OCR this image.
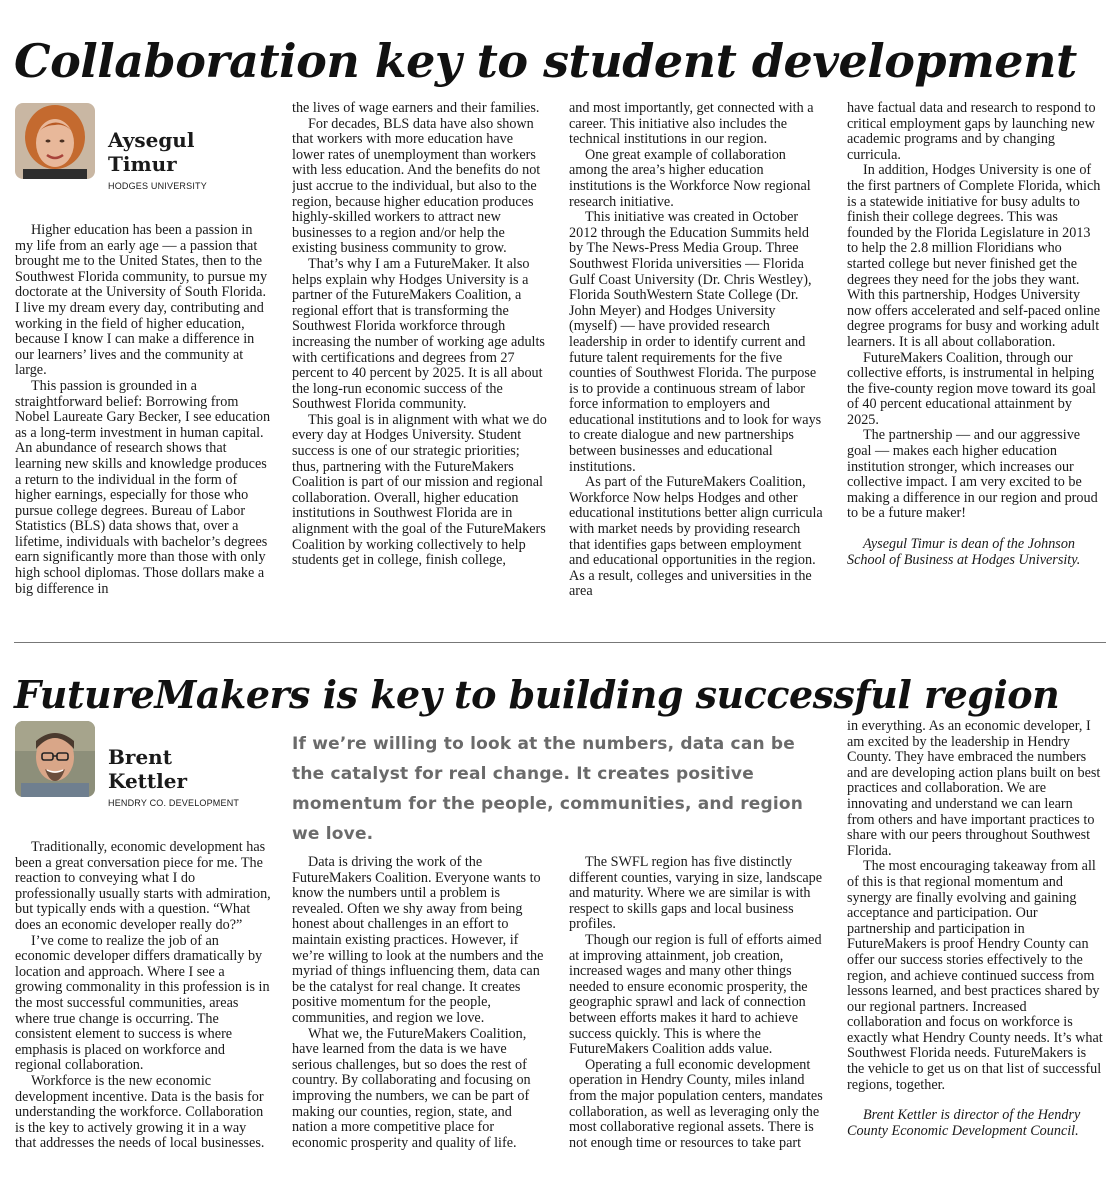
Collaboration key to student development
Aysegul
Timur
HODGES UNIVERSITY

Higher education has been a passion in my life from an early age — a passion that brought me to the United States, then to the Southwest Florida community, to pursue my doctorate at the University of South Florida. I live my dream every day, contributing and working in the field of higher education, because I know I can make a difference in our learners’ lives and the community at large.

This passion is grounded in a straightforward belief: Borrowing from Nobel Laureate Gary Becker, I see education as a long-term investment in human capital. An abundance of research shows that learning new skills and knowledge produces a return to the individual in the form of higher earnings, especially for those who pursue college degrees. Bureau of Labor Statistics (BLS) data shows that, over a lifetime, individuals with bachelor’s degrees earn significantly more than those with only high school diplomas. Those dollars make a big difference in

the lives of wage earners and their families.

For decades, BLS data have also shown that workers with more education have lower rates of unemployment than workers with less education. And the benefits do not just accrue to the individual, but also to the region, because higher education produces highly-skilled workers to attract new businesses to a region and/or help the existing business community to grow.

That’s why I am a FutureMaker. It also helps explain why Hodges University is a partner of the FutureMakers Coalition, a regional effort that is transforming the Southwest Florida workforce through increasing the number of working age adults with certifications and degrees from 27 percent to 40 percent by 2025. It is all about the long-run economic success of the Southwest Florida community.

This goal is in alignment with what we do every day at Hodges University. Student success is one of our strategic priorities; thus, partnering with the FutureMakers Coalition is part of our mission and regional collaboration. Overall, higher education institutions in Southwest Florida are in alignment with the goal of the FutureMakers Coalition by working collectively to help students get in college, finish college,

and most importantly, get connected with a career. This initiative also includes the technical institutions in our region.

One great example of collaboration among the area’s higher education institutions is the Workforce Now regional research initiative.

This initiative was created in October 2012 through the Education Summits held by The News-Press Media Group. Three Southwest Florida universities — Florida Gulf Coast University (Dr. Chris Westley), Florida SouthWestern State College (Dr. John Meyer) and Hodges University (myself) — have provided research leadership in order to identify current and future talent requirements for the five counties of Southwest Florida. The purpose is to provide a continuous stream of labor force information to employers and educational institutions and to look for ways to create dialogue and new partnerships between businesses and educational institutions.

As part of the FutureMakers Coalition, Workforce Now helps Hodges and other educational institutions better align curricula with market needs by providing research that identifies gaps between employment and educational opportunities in the region. As a result, colleges and universities in the area

have factual data and research to respond to critical employment gaps by launching new academic programs and by changing curricula.

In addition, Hodges University is one of the first partners of Complete Florida, which is a statewide initiative for busy adults to finish their college degrees. This was founded by the Florida Legislature in 2013 to help the 2.8 million Floridians who started college but never finished get the degrees they need for the jobs they want. With this partnership, Hodges University now offers accelerated and self-paced online degree programs for busy and working adult learners. It is all about collaboration.

FutureMakers Coalition, through our collective efforts, is instrumental in helping the five-county region move toward its goal of 40 percent educational attainment by 2025.

The partnership — and our aggressive goal — makes each higher education institution stronger, which increases our collective impact. I am very excited to be making a difference in our region and proud to be a future maker!

Aysegul Timur is dean of the Johnson School of Business at Hodges University.

FutureMakers is key to building successful region
Brent
Kettler
HENDRY CO. DEVELOPMENT

If we’re willing to look at the numbers, data can be the catalyst for real change. It creates positive momentum for the people, communities, and region we love.

Traditionally, economic development has been a great conversation piece for me. The reaction to conveying what I do professionally usually starts with admiration, but typically ends with a question. “What does an economic developer really do?”

I’ve come to realize the job of an economic developer differs dramatically by location and approach. Where I see a growing commonality in this profession is in the most successful communities, areas where true change is occurring. The consistent element to success is where emphasis is placed on workforce and regional collaboration.

Workforce is the new economic development incentive. Data is the basis for understanding the workforce. Collaboration is the key to actively growing it in a way that addresses the needs of local businesses.

Data is driving the work of the FutureMakers Coalition. Everyone wants to know the numbers until a problem is revealed. Often we shy away from being honest about challenges in an effort to maintain existing practices. However, if we’re willing to look at the numbers and the myriad of things influencing them, data can be the catalyst for real change. It creates positive momentum for the people, communities, and region we love.

What we, the FutureMakers Coalition, have learned from the data is we have serious challenges, but so does the rest of country. By collaborating and focusing on improving the numbers, we can be part of making our counties, region, state, and nation a more competitive place for economic prosperity and quality of life.

The SWFL region has five distinctly different counties, varying in size, landscape and maturity. Where we are similar is with respect to skills gaps and local business profiles.

Though our region is full of efforts aimed at improving attainment, job creation, increased wages and many other things needed to ensure economic prosperity, the geographic sprawl and lack of connection between efforts makes it hard to achieve success quickly. This is where the FutureMakers Coalition adds value.

Operating a full economic development operation in Hendry County, miles inland from the major population centers, mandates collaboration, as well as leveraging only the most collaborative regional assets. There is not enough time or resources to take part

in everything. As an economic developer, I am excited by the leadership in Hendry County. They have embraced the numbers and are developing action plans built on best practices and collaboration. We are innovating and understand we can learn from others and have important practices to share with our peers throughout Southwest Florida.

The most encouraging takeaway from all of this is that regional momentum and synergy are finally evolving and gaining acceptance and participation. Our partnership and participation in FutureMakers is proof Hendry County can offer our success stories effectively to the region, and achieve continued success from lessons learned, and best practices shared by our regional partners. Increased collaboration and focus on workforce is exactly what Hendry County needs. It’s what Southwest Florida needs. FutureMakers is the vehicle to get us on that list of successful regions, together.

Brent Kettler is director of the Hendry County Economic Development Council.
